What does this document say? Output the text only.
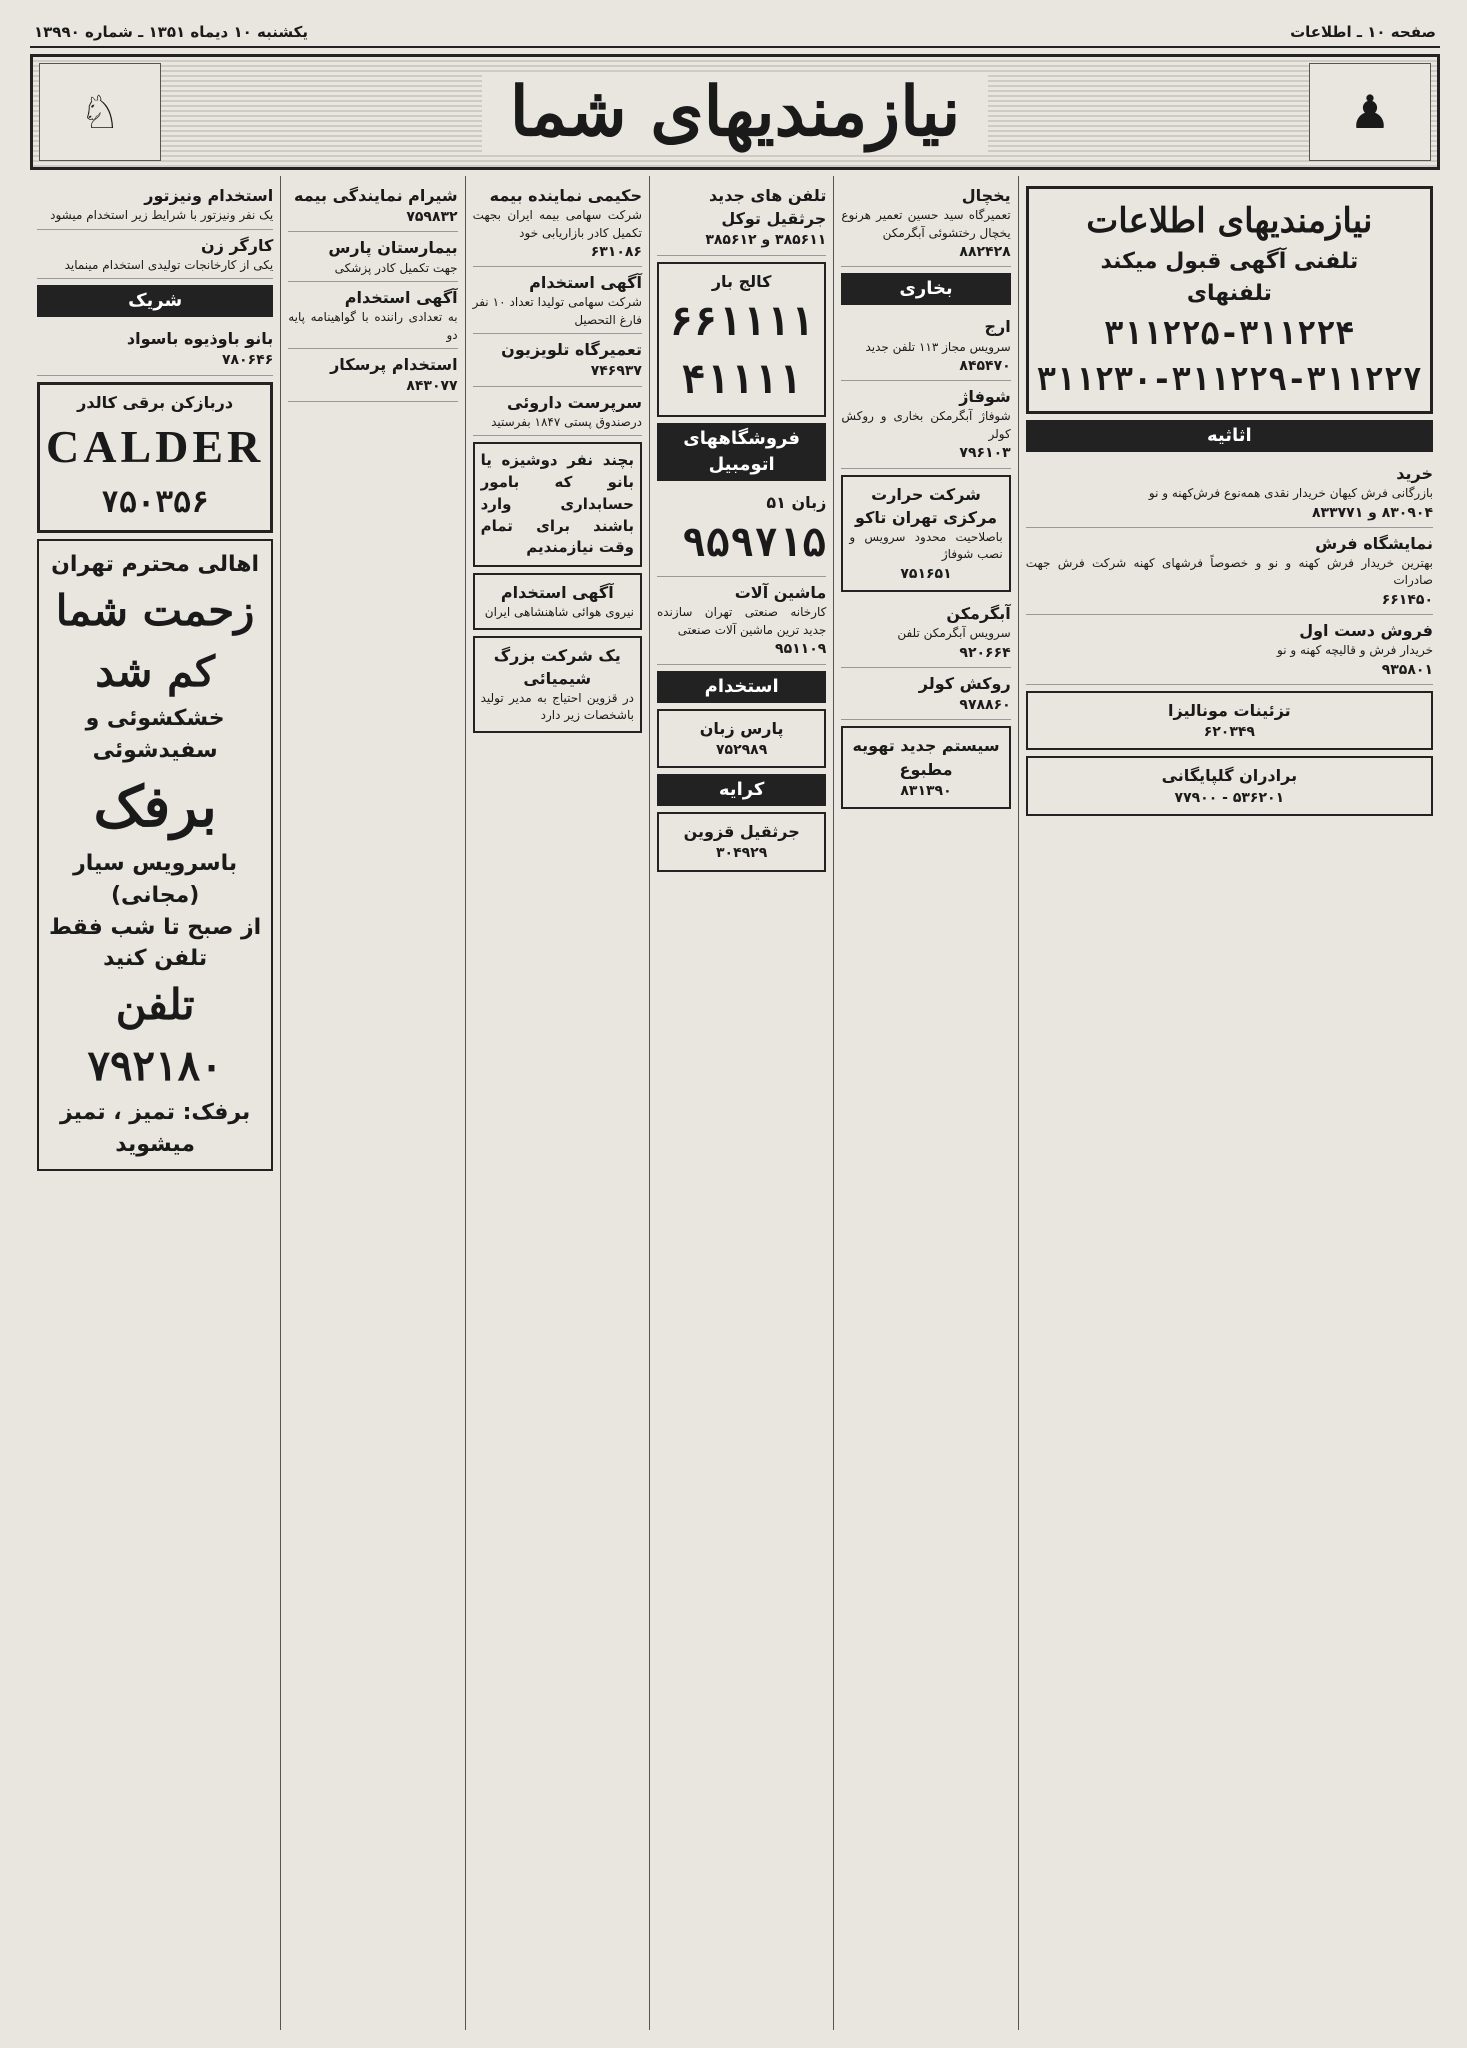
صفحه ۱۰ ـ اطلاعات
یکشنبه ۱۰ دیماه ۱۳۵۱ ـ شماره ۱۳۹۹۰
♟
نیازمندیهای شما
♘
نیازمندیهای اطلاعات
تلفنی آگهی قبول میکند
تلفنهای
۳۱۱۲۲۵-۳۱۱۲۲۴
۳۱۱۲۳۰-۳۱۱۲۲۹-۳۱۱۲۲۷
اثاثیه
خرید
بازرگانی فرش کیهان خریدار نقدی همه‌نوع فرش‌کهنه و نو
۸۳۰۹۰۴ و ۸۳۳۷۷۱
نمایشگاه فرش
بهترین خریدار فرش کهنه و نو و خصوصاً فرشهای کهنه شرکت فرش جهت صادرات
۶۶۱۴۵۰
فروش دست اول
خریدار فرش و قالیچه کهنه و نو
۹۳۵۸۰۱
تزئینات مونالیزا
۶۲۰۳۴۹
برادران گلپایگانی
۵۳۶۲۰۱ - ۷۷۹۰۰
یخچال
تعمیرگاه سید حسین تعمیر هرنوع یخچال رختشوئی آبگرمکن
۸۸۲۴۲۸
بخاری
ارج
سرویس مجاز ۱۱۳ تلفن جدید
۸۴۵۴۷۰
شوفاژ
شوفاژ آبگرمکن بخاری و روکش کولر
۷۹۶۱۰۳
شرکت حرارت مرکزی تهران تاکو
باصلاحیت محدود سرویس و نصب شوفاژ
۷۵۱۶۵۱
آبگرمکن
سرویس آبگرمکن تلفن
۹۲۰۶۶۴
روکش کولر
۹۷۸۸۶۰
سیستم جدید تهویه مطبوع
۸۳۱۳۹۰
تلفن های جدید جرثقیل توکل
۳۸۵۶۱۱ و ۳۸۵۶۱۲
کالج بار
۶۶۱۱۱۱ ۴۱۱۱۱
فروشگاههای اتومبیل
زبان ۵۱
۹۵۹۷۱۵
ماشین آلات
کارخانه صنعتی تهران سازنده جدید ترین ماشین آلات صنعتی
۹۵۱۱۰۹
استخدام
پارس زبان
۷۵۲۹۸۹
کرایه
جرثقیل قزوین
۳۰۴۹۲۹
حکیمی نماینده بیمه
شرکت سهامی بیمه ایران بجهت تکمیل کادر بازاریابی خود
۶۳۱۰۸۶
آگهی استخدام
شرکت سهامی تولیدا تعداد ۱۰ نفر فارغ التحصیل
تعمیرگاه تلویزیون
۷۴۶۹۳۷
سرپرست داروئی
درصندوق پستی ۱۸۴۷ بفرستید
بچند نفر دوشیزه یا بانو که بامور حسابداری وارد باشند برای تمام وقت نیازمندیم
آگهی استخدام
نیروی هوائی شاهنشاهی ایران
یک شرکت بزرگ شیمیائی
در قزوین احتیاج به مدیر تولید باشخصات زیر دارد
شیرام نمایندگی بیمه
۷۵۹۸۳۲
بیمارستان پارس
جهت تکمیل کادر پزشکی
آگهی استخدام
به تعدادی راننده با گواهینامه پایه دو
استخدام پرسکار
۸۴۳۰۷۷
استخدام ونیزتور
یک نفر ونیزتور با شرایط زیر استخدام میشود
کارگر زن
یکی از کارخانجات تولیدی استخدام مینماید
شریک
بانو باوذیوه باسواد
۷۸۰۶۴۶
دربازکن برقی کالدر
CALDER
۷۵۰۳۵۶
اهالی محترم تهران
زحمت شما کم شد
خشکشوئی و سفیدشوئی
برفک
باسرویس سیار (مجانی)
از صبح تا شب فقط تلفن کنید
تلفن ۷۹۲۱۸۰
برفک: تمیز ، تمیز میشوید
